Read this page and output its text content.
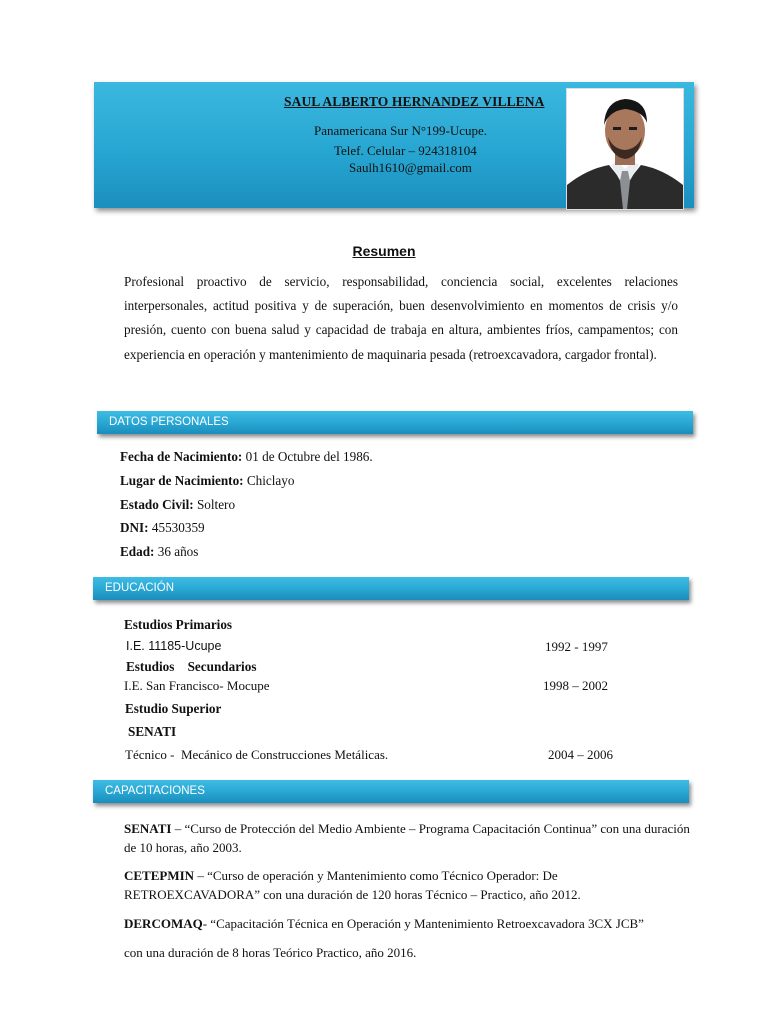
SAUL ALBERTO HERNANDEZ VILLENA
Panamericana Sur N°199-Ucupe.
Telef. Celular – 924318104
Saulh1610@gmail.com
Resumen
Profesional proactivo de servicio, responsabilidad, conciencia social, excelentes relaciones interpersonales, actitud positiva y de superación, buen desenvolvimiento en momentos de crisis y/o presión, cuento con buena salud y capacidad de trabaja en altura, ambientes fríos, campamentos; con experiencia en operación y mantenimiento de maquinaria pesada (retroexcavadora, cargador frontal).
DATOS PERSONALES
Fecha de Nacimiento: 01 de Octubre del 1986.
Lugar de Nacimiento: Chiclayo
Estado Civil: Soltero
DNI: 45530359
Edad: 36 años
EDUCACIÓN
Estudios Primarios
I.E. 11185-Ucupe	1992 - 1997
Estudios    Secundarios
I.E. San Francisco- Mocupe	1998 – 2002
Estudio Superior
SENATI
Técnico -  Mecánico de Construcciones Metálicas.	2004 – 2006
CAPACITACIONES
SENATI – “Curso de Protección del Medio Ambiente – Programa Capacitación Continua” con una duración de 10 horas, año 2003.
CETEPMIN – “Curso de operación y Mantenimiento como Técnico Operador: De RETROEXCAVADORA” con una duración de 120 horas Técnico – Practico, año 2012.
DERCOMAQ- “Capacitación Técnica en Operación y Mantenimiento Retroexcavadora 3CX JCB”
con una duración de 8 horas Teórico Practico, año 2016.
